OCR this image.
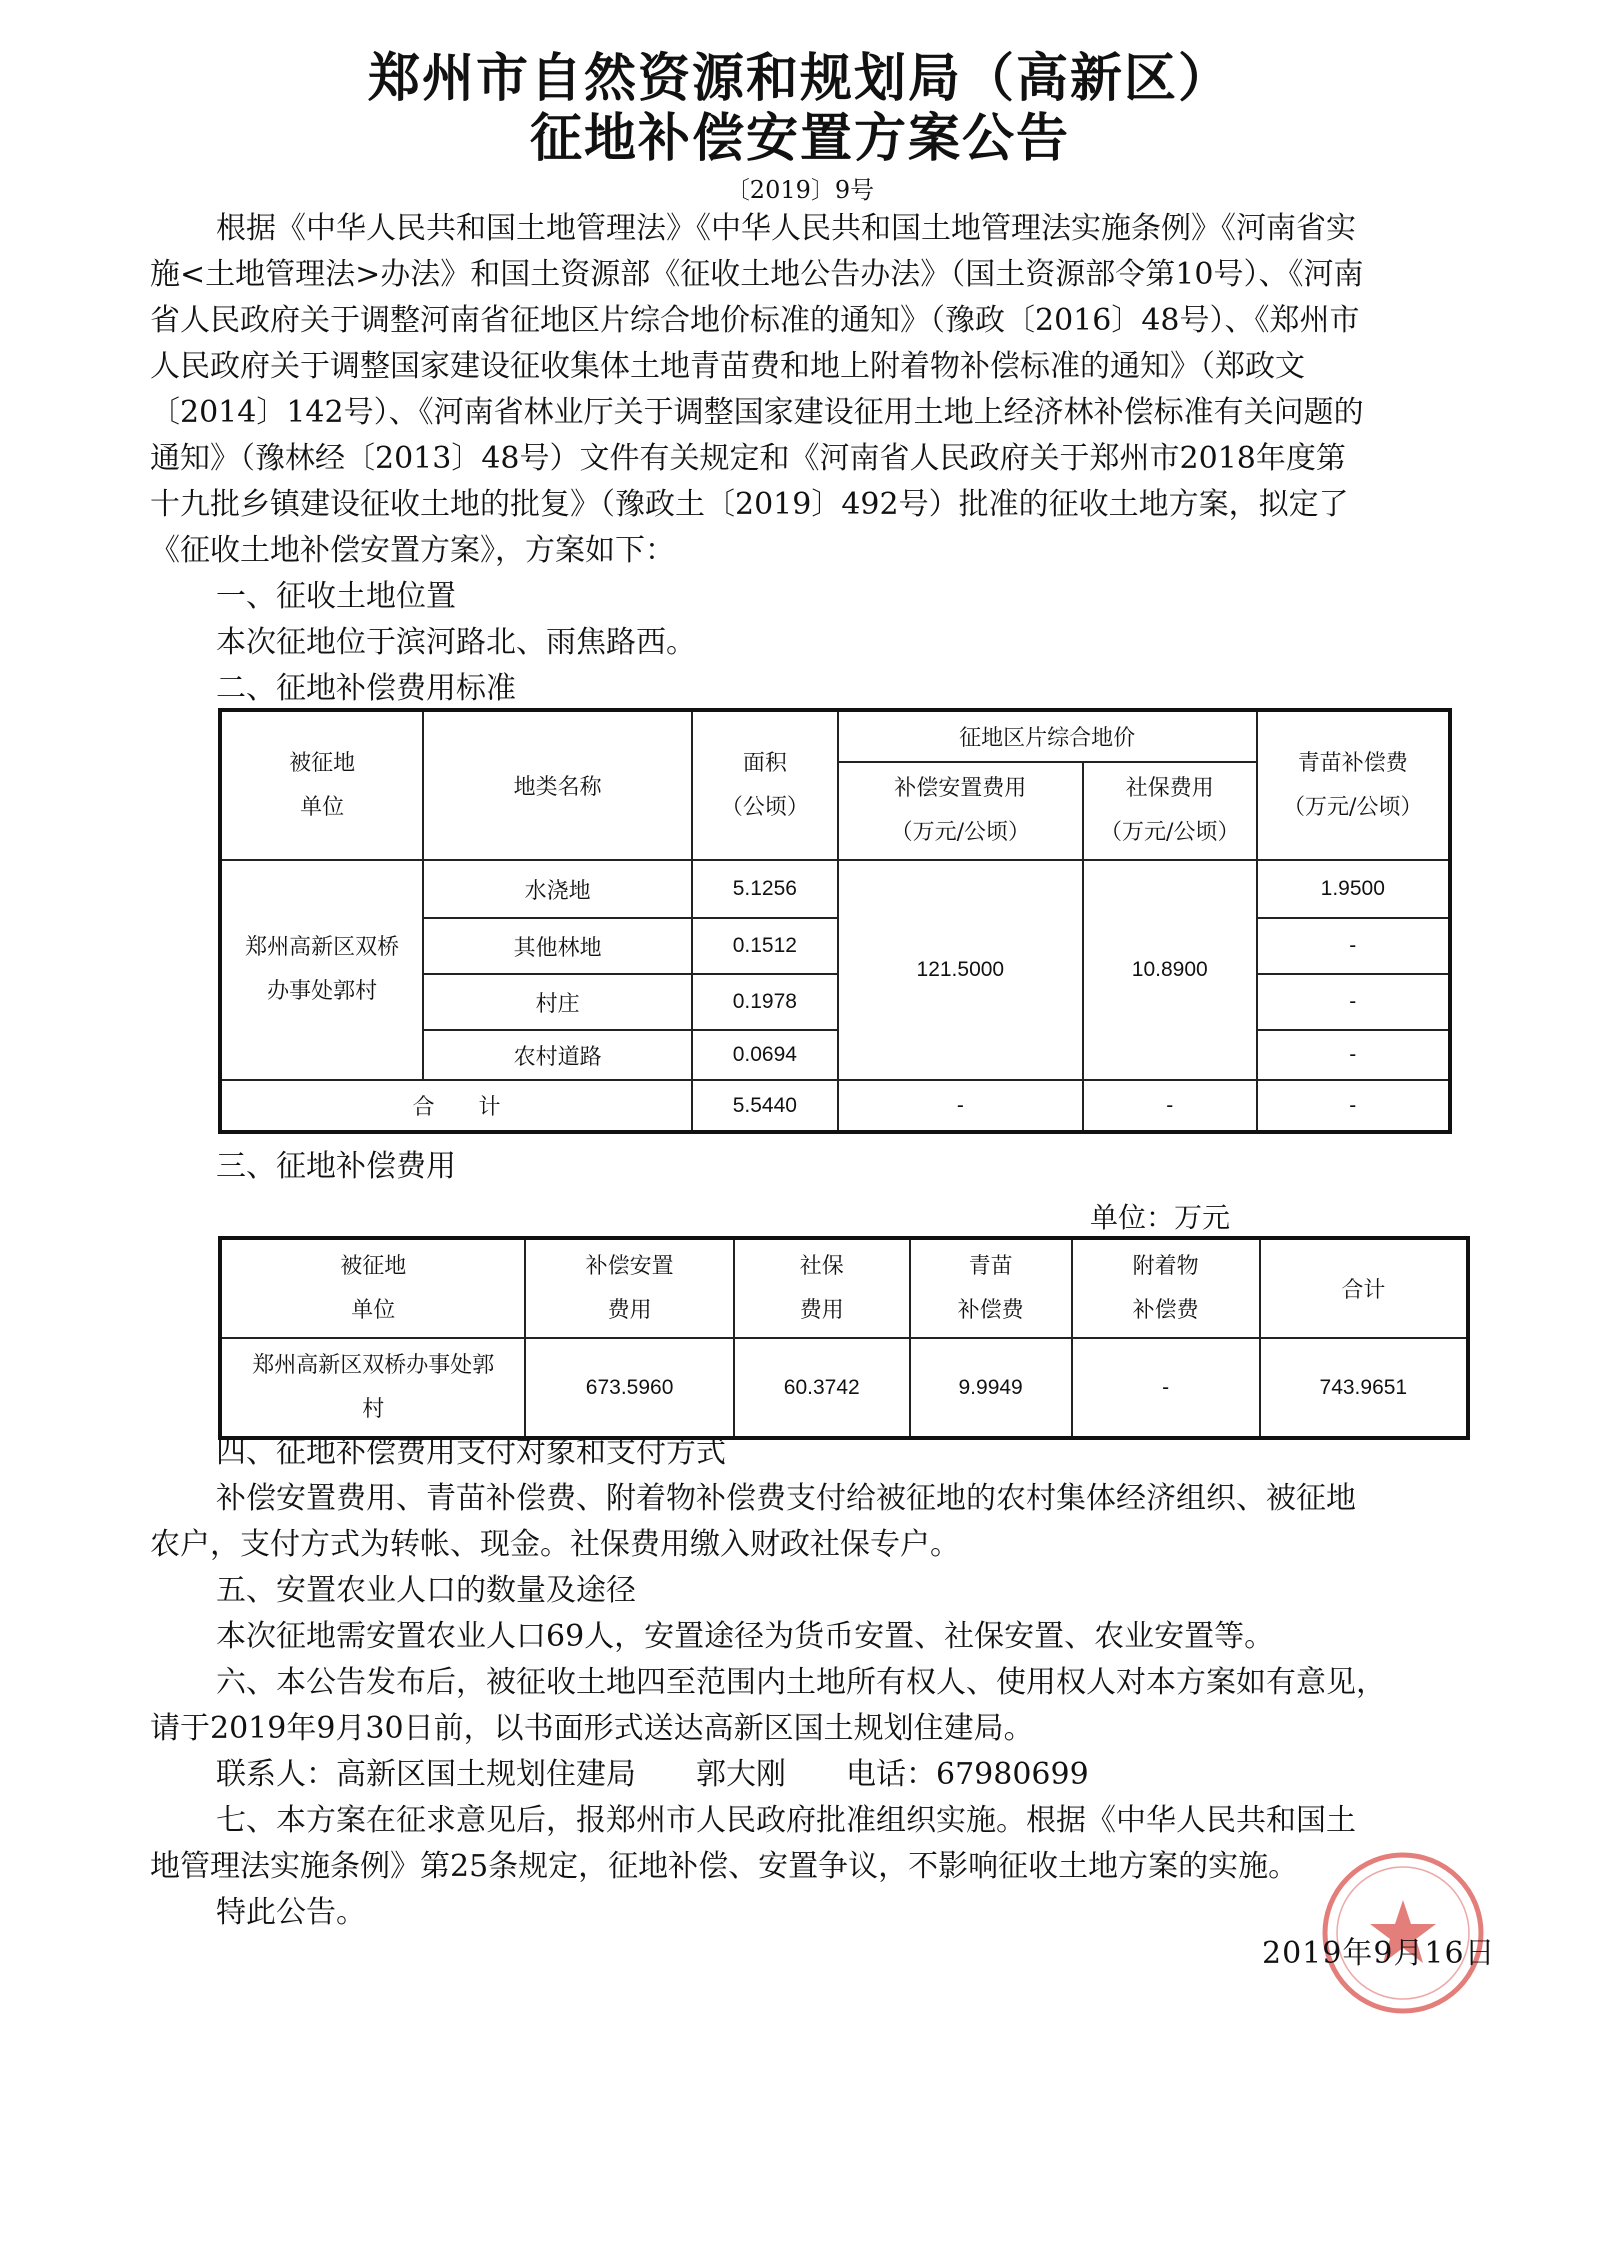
郑州市自然资源和规划局（高新区）
征地补偿安置方案公告
〔2019〕9号

根据《中华人民共和国土地管理法》《中华人民共和国土地管理法实施条例》《河南省实

施<土地管理法>办法》和国土资源部《征收土地公告办法》（国土资源部令第10号）、《河南

省人民政府关于调整河南省征地区片综合地价标准的通知》（豫政〔2016〕48号）、《郑州市

人民政府关于调整国家建设征收集体土地青苗费和地上附着物补偿标准的通知》（郑政文

〔2014〕142号）、《河南省林业厅关于调整国家建设征用土地上经济林补偿标准有关问题的

通知》（豫林经〔2013〕48号）文件有关规定和《河南省人民政府关于郑州市2018年度第

十九批乡镇建设征收土地的批复》（豫政土〔2019〕492号）批准的征收土地方案，拟定了

《征收土地补偿安置方案》，方案如下：

一、征收土地位置

本次征地位于滨河路北、雨焦路西。

二、征地补偿费用标准

被征地
单位	地类名称	面积
（公顷）	征地区片综合地价		青苗补偿费
（万元/公顷）

			补偿安置费用
（万元/公顷）	社保费用
（万元/公顷）	

郑州高新区双桥
办事处郭村	水浇地	5.1256	121.5000	10.8900	1.9500
	其他林地	0.1512			-
	村庄	0.1978			-
	农村道路	0.0694			-
合　　计		5.5440	-	-	-

三、征地补偿费用

单位：万元
被征地
单位	补偿安置
费用	社保
费用	青苗
补偿费	附着物
补偿费	合计

郑州高新区双桥办事处郭
村	673.5960	60.3742	9.9949	-	743.9651

四、征地补偿费用支付对象和支付方式

补偿安置费用、青苗补偿费、附着物补偿费支付给被征地的农村集体经济组织、被征地

农户，支付方式为转帐、现金。社保费用缴入财政社保专户。

五、安置农业人口的数量及途径

本次征地需安置农业人口69人，安置途径为货币安置、社保安置、农业安置等。

六、本公告发布后，被征收土地四至范围内土地所有权人、使用权人对本方案如有意见，

请于2019年9月30日前，以书面形式送达高新区国土规划住建局。

联系人：高新区国土规划住建局　　郭大刚　　电话：67980699

七、本方案在征求意见后，报郑州市人民政府批准组织实施。根据《中华人民共和国土

地管理法实施条例》第25条规定，征地补偿、安置争议，不影响征收土地方案的实施。

特此公告。

2019年9月16日
